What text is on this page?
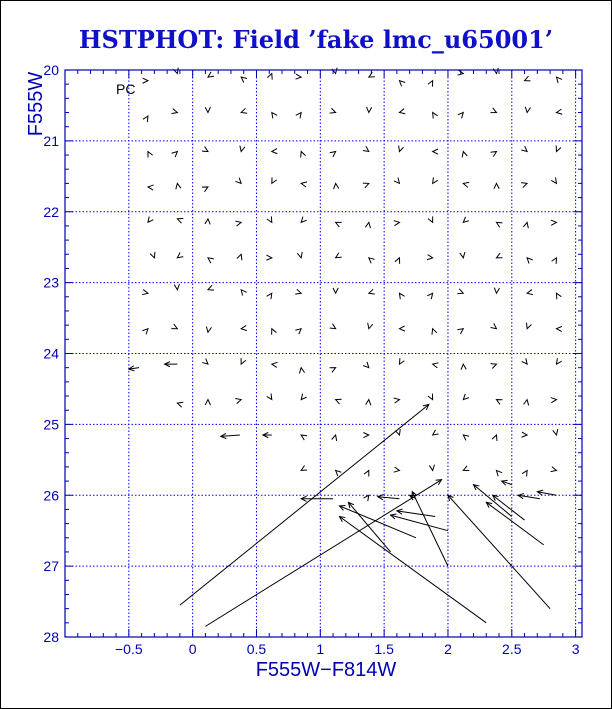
HSTPHOT: Field ’fake lmc_u65001’
PC
F555W
F555W−F814W
−0.5	0	0.5	1	1.5	2	2.5	3
20
21
22
23
24
25
26
27
28
